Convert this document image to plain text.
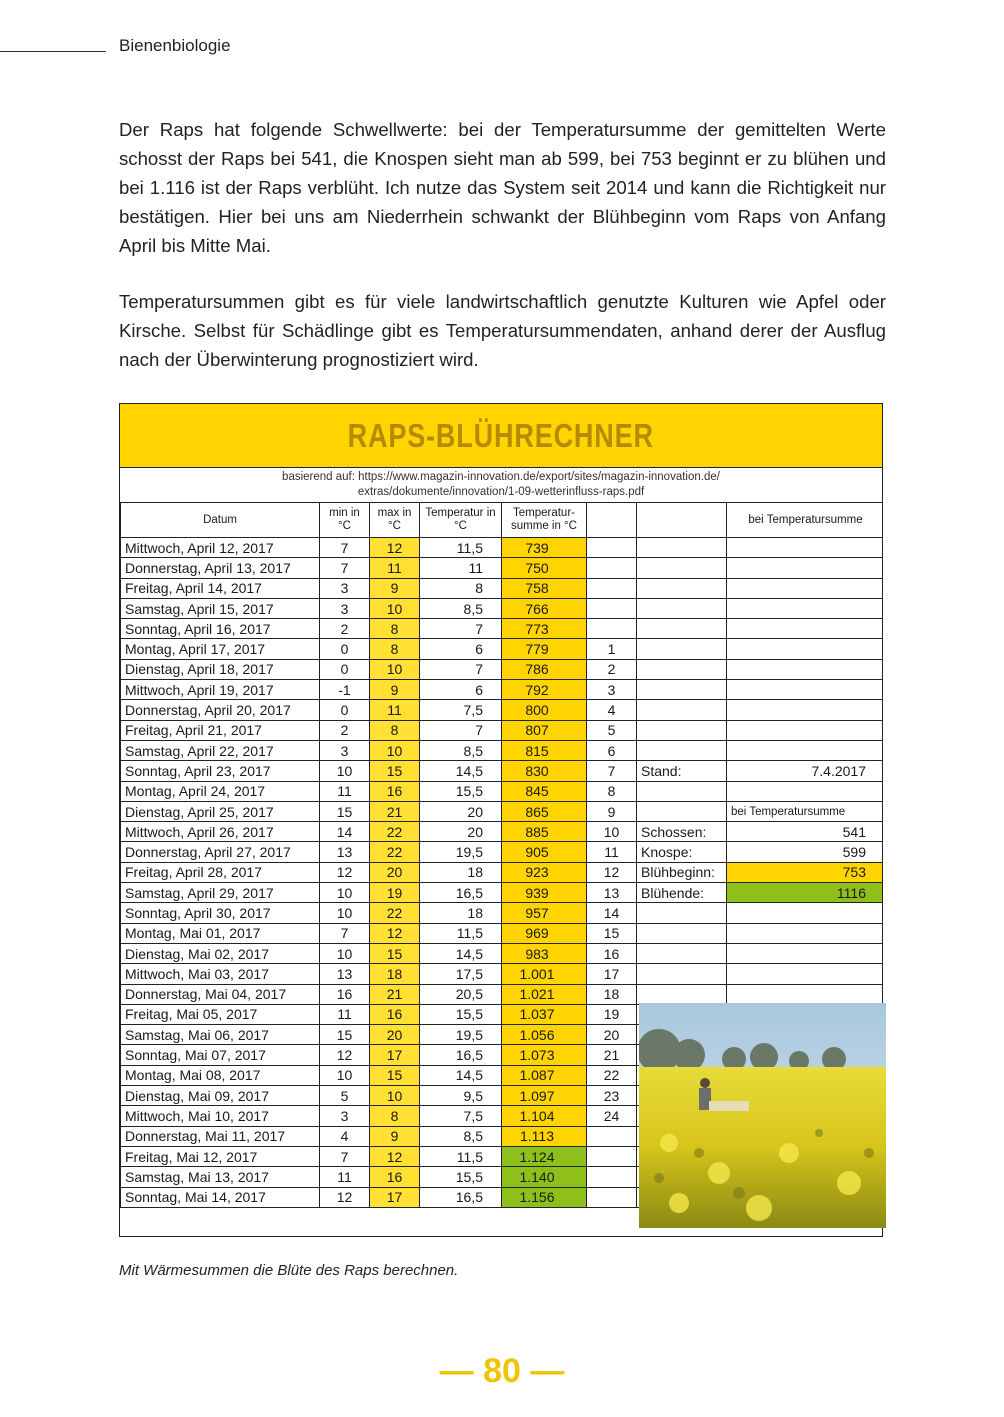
Bienenbiologie

Der Raps hat folgende Schwellwerte: bei der Temperatursumme der gemittelten Werte schosst der Raps bei 541, die Knospen sieht man ab 599, bei 753 beginnt er zu blühen und bei 1.116 ist der Raps verblüht. Ich nutze das System seit 2014 und kann die Richtigkeit nur bestätigen. Hier bei uns am Niederrhein schwankt der Blühbeginn vom Raps von Anfang April bis Mitte Mai.

Temperatursummen gibt es für viele landwirtschaftlich genutzte Kulturen wie Apfel oder Kirsche. Selbst für Schädlinge gibt es Temperatursummendaten, anhand derer der Ausflug nach der Überwinterung prognostiziert wird.

RAPS-BLÜHRECHNER
basierend auf: https://www.magazin-innovation.de/export/sites/magazin-innovation.de/
extras/dokumente/innovation/1-09-wetterinfluss-raps.pdf
Datum	min in °C	max in °C	Temperatur in °C	Temperatur-summe in °C			bei Temperatursumme
Mittwoch, April 12, 2017	7	12	11,5	739			
Donnerstag, April 13, 2017	7	11	11	750			
Freitag, April 14, 2017	3	9	8	758			
Samstag, April 15, 2017	3	10	8,5	766			
Sonntag, April 16, 2017	2	8	7	773			
Montag, April 17, 2017	0	8	6	779	1		
Dienstag, April 18, 2017	0	10	7	786	2		
Mittwoch, April 19, 2017	-1	9	6	792	3		
Donnerstag, April 20, 2017	0	11	7,5	800	4		
Freitag, April 21, 2017	2	8	7	807	5		
Samstag, April 22, 2017	3	10	8,5	815	6		
Sonntag, April 23, 2017	10	15	14,5	830	7	Stand:	7.4.2017
Montag, April 24, 2017	11	16	15,5	845	8		
Dienstag, April 25, 2017	15	21	20	865	9		bei Temperatursumme
Mittwoch, April 26, 2017	14	22	20	885	10	Schossen:	541
Donnerstag, April 27, 2017	13	22	19,5	905	11	Knospe:	599
Freitag, April 28, 2017	12	20	18	923	12	Blühbeginn:	753
Samstag, April 29, 2017	10	19	16,5	939	13	Blühende:	1116
Sonntag, April 30, 2017	10	22	18	957	14		
Montag, Mai 01, 2017	7	12	11,5	969	15		
Dienstag, Mai 02, 2017	10	15	14,5	983	16		
Mittwoch, Mai 03, 2017	13	18	17,5	1.001	17		
Donnerstag, Mai 04, 2017	16	21	20,5	1.021	18		
Freitag, Mai 05, 2017	11	16	15,5	1.037	19		
Samstag, Mai 06, 2017	15	20	19,5	1.056	20		
Sonntag, Mai 07, 2017	12	17	16,5	1.073	21		
Montag, Mai 08, 2017	10	15	14,5	1.087	22		
Dienstag, Mai 09, 2017	5	10	9,5	1.097	23		
Mittwoch, Mai 10, 2017	3	8	7,5	1.104	24		
Donnerstag, Mai 11, 2017	4	9	8,5	1.113			
Freitag, Mai 12, 2017	7	12	11,5	1.124			
Samstag, Mai 13, 2017	11	16	15,5	1.140			
Sonntag, Mai 14, 2017	12	17	16,5	1.156			
Mit Wärmesummen die Blüte des Raps berechnen.
— 80 —
